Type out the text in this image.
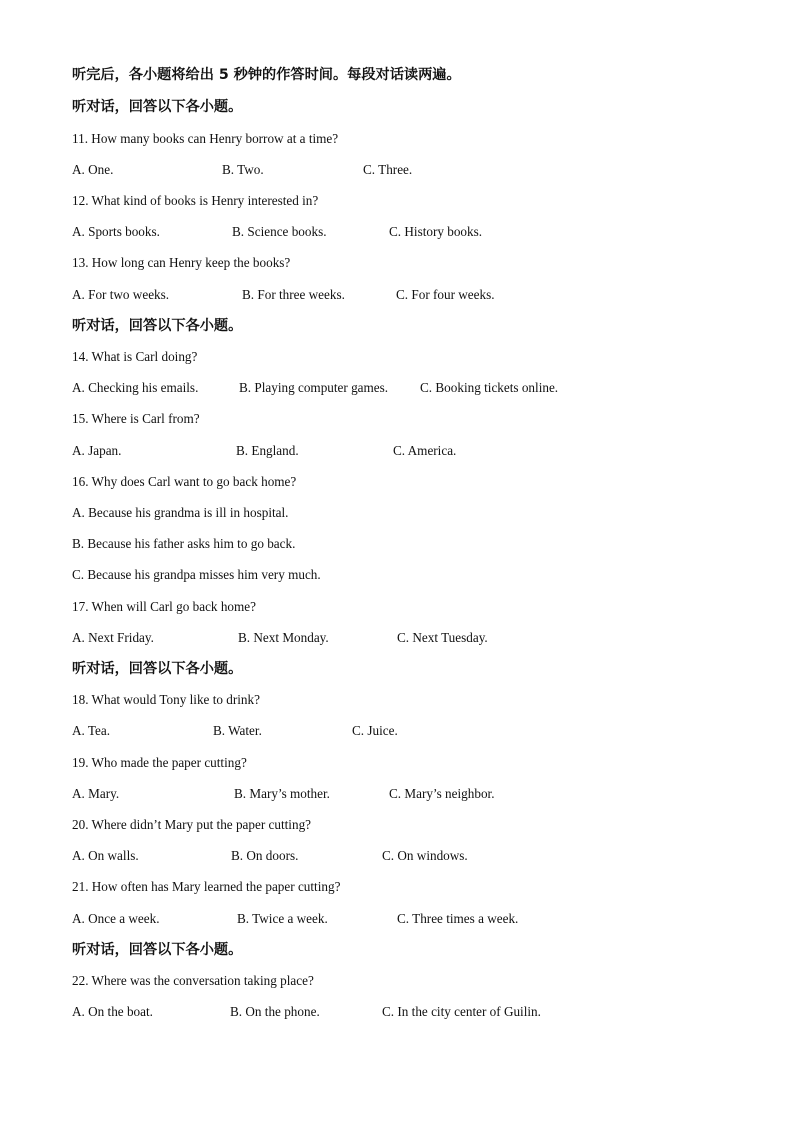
听完后，各小题将给出 5 秒钟的作答时间。每段对话读两遍。
听对话，回答以下各小题。
11. How many books can Henry borrow at a time?
A. One.	B. Two.	C. Three.
12. What kind of books is Henry interested in?
A. Sports books.	B. Science books.	C. History books.
13. How long can Henry keep the books?
A. For two weeks.	B. For three weeks.	C. For four weeks.
听对话，回答以下各小题。
14. What is Carl doing?
A. Checking his emails.	B. Playing computer games. C. Booking tickets online.
15. Where is Carl from?
A. Japan.	B. England.	C. America.
16. Why does Carl want to go back home?
A. Because his grandma is ill in hospital.
B. Because his father asks him to go back.
C. Because his grandpa misses him very much.
17. When will Carl go back home?
A. Next Friday.	B. Next Monday.	C. Next Tuesday.
听对话，回答以下各小题。
18. What would Tony like to drink?
A. Tea.	B. Water.	C. Juice.
19. Who made the paper cutting?
A. Mary.	B. Mary’s mother.	C. Mary’s neighbor.
20. Where didn’t Mary put the paper cutting?
A. On walls.	B. On doors.	C. On windows.
21. How often has Mary learned the paper cutting?
A. Once a week.	B. Twice a week.	C. Three times a week.
听对话，回答以下各小题。
22. Where was the conversation taking place?
A. On the boat.	B. On the phone.	C. In the city center of Guilin.
